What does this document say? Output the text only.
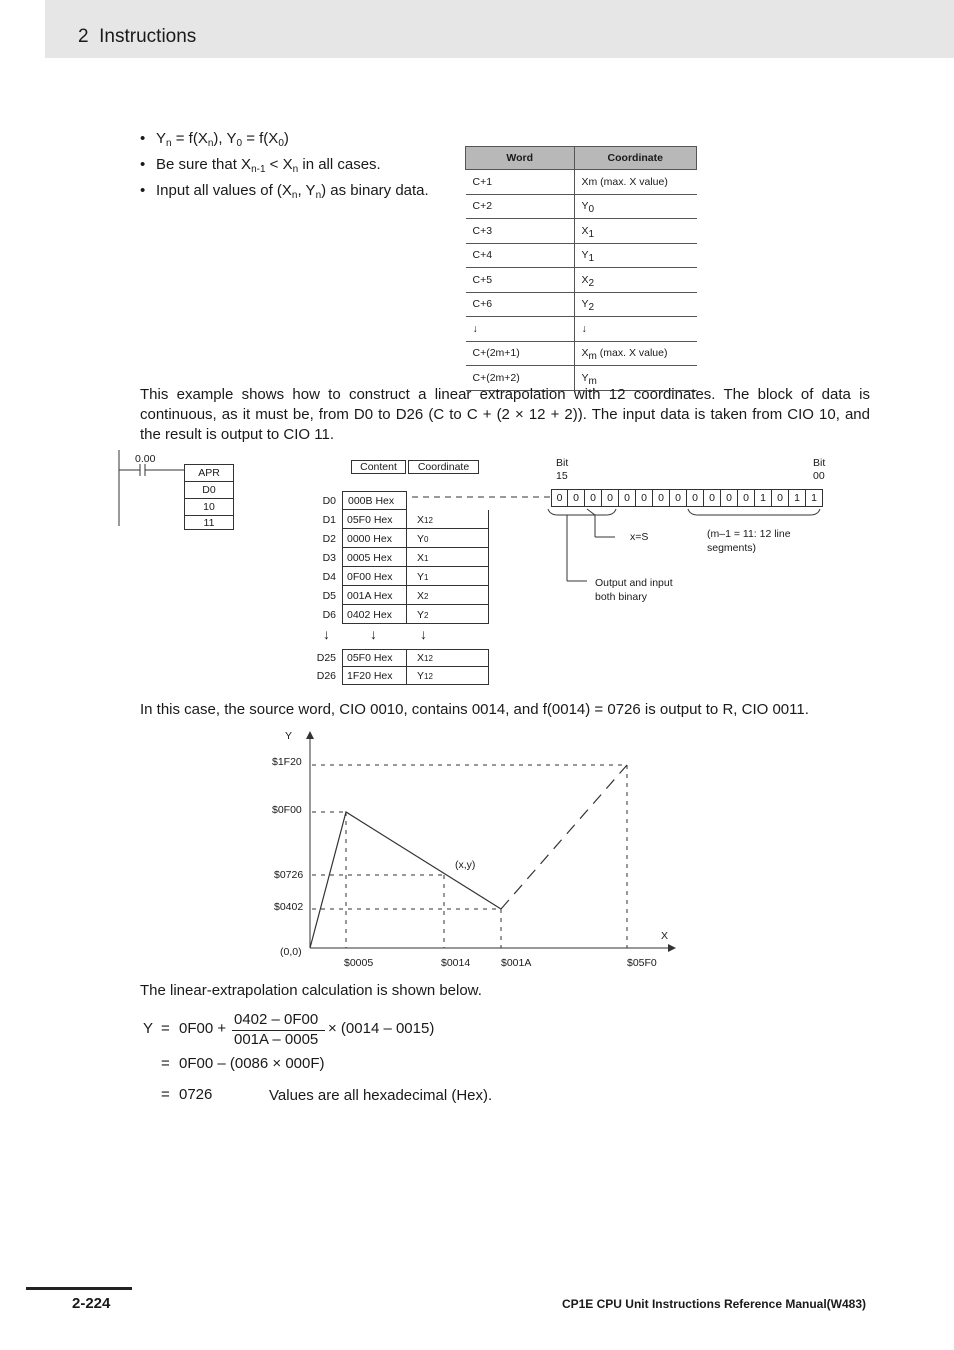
2 Instructions
• $Y_n = f(X_n)$, $Y_0 = f(X_0)$
• Be sure that $X_{n-1} < X_n$ in all cases.
• Input all values of ($X_n$, $Y_n$) as binary data.
Word	Coordinate
C+1	Xm (max. X value)
C+2	Y0
C+3	X1
C+4	Y1
C+5	X2
C+6	Y2
↓	↓
C+(2m+1)	Xm (max. X value)
C+(2m+2)	Ym
This example shows how to construct a linear extrapolation with 12 coordinates. The block of data is continuous, as it must be, from D0 to D26 (C to C + (2 × 12 + 2)). The input data is taken from CIO 10, and the result is output to CIO 11.
0.00
APR
D0
10
11
Content	Coordinate
D0	000B Hex
D1 05F0 Hex X12
D2 0000 Hex Y0
D3 0005 Hex X1
D4 0F00 Hex Y1
D5 001A Hex X2
D6 0402 Hex Y2
↓	↓	↓
D25 05F0 Hex X12
D26 1F20 Hex Y12
Bit
15
Bit
00
0	0	0	0	0	0	0	0	0	0	0	0	1	0	1	1
x=S	(m–1 = 11: 12 line segments)
Output and input both binary
In this case, the source word, CIO 0010, contains 0014, and f(0014) = 0726 is output to R, CIO 0011.
Y
X
(0,0)
$1F20
$0F00
$0726
$0402
$0005	$0014	$001A	$05F0
(x,y)
The linear-extrapolation calculation is shown below.
Y = 0F00 +
0402 – 0F00
001A – 0005
× (0014 – 0015)
= 0F00 – (0086 × 000F)
= 0726	Values are all hexadecimal (Hex).
2-224	CP1E CPU Unit Instructions Reference Manual(W483)
